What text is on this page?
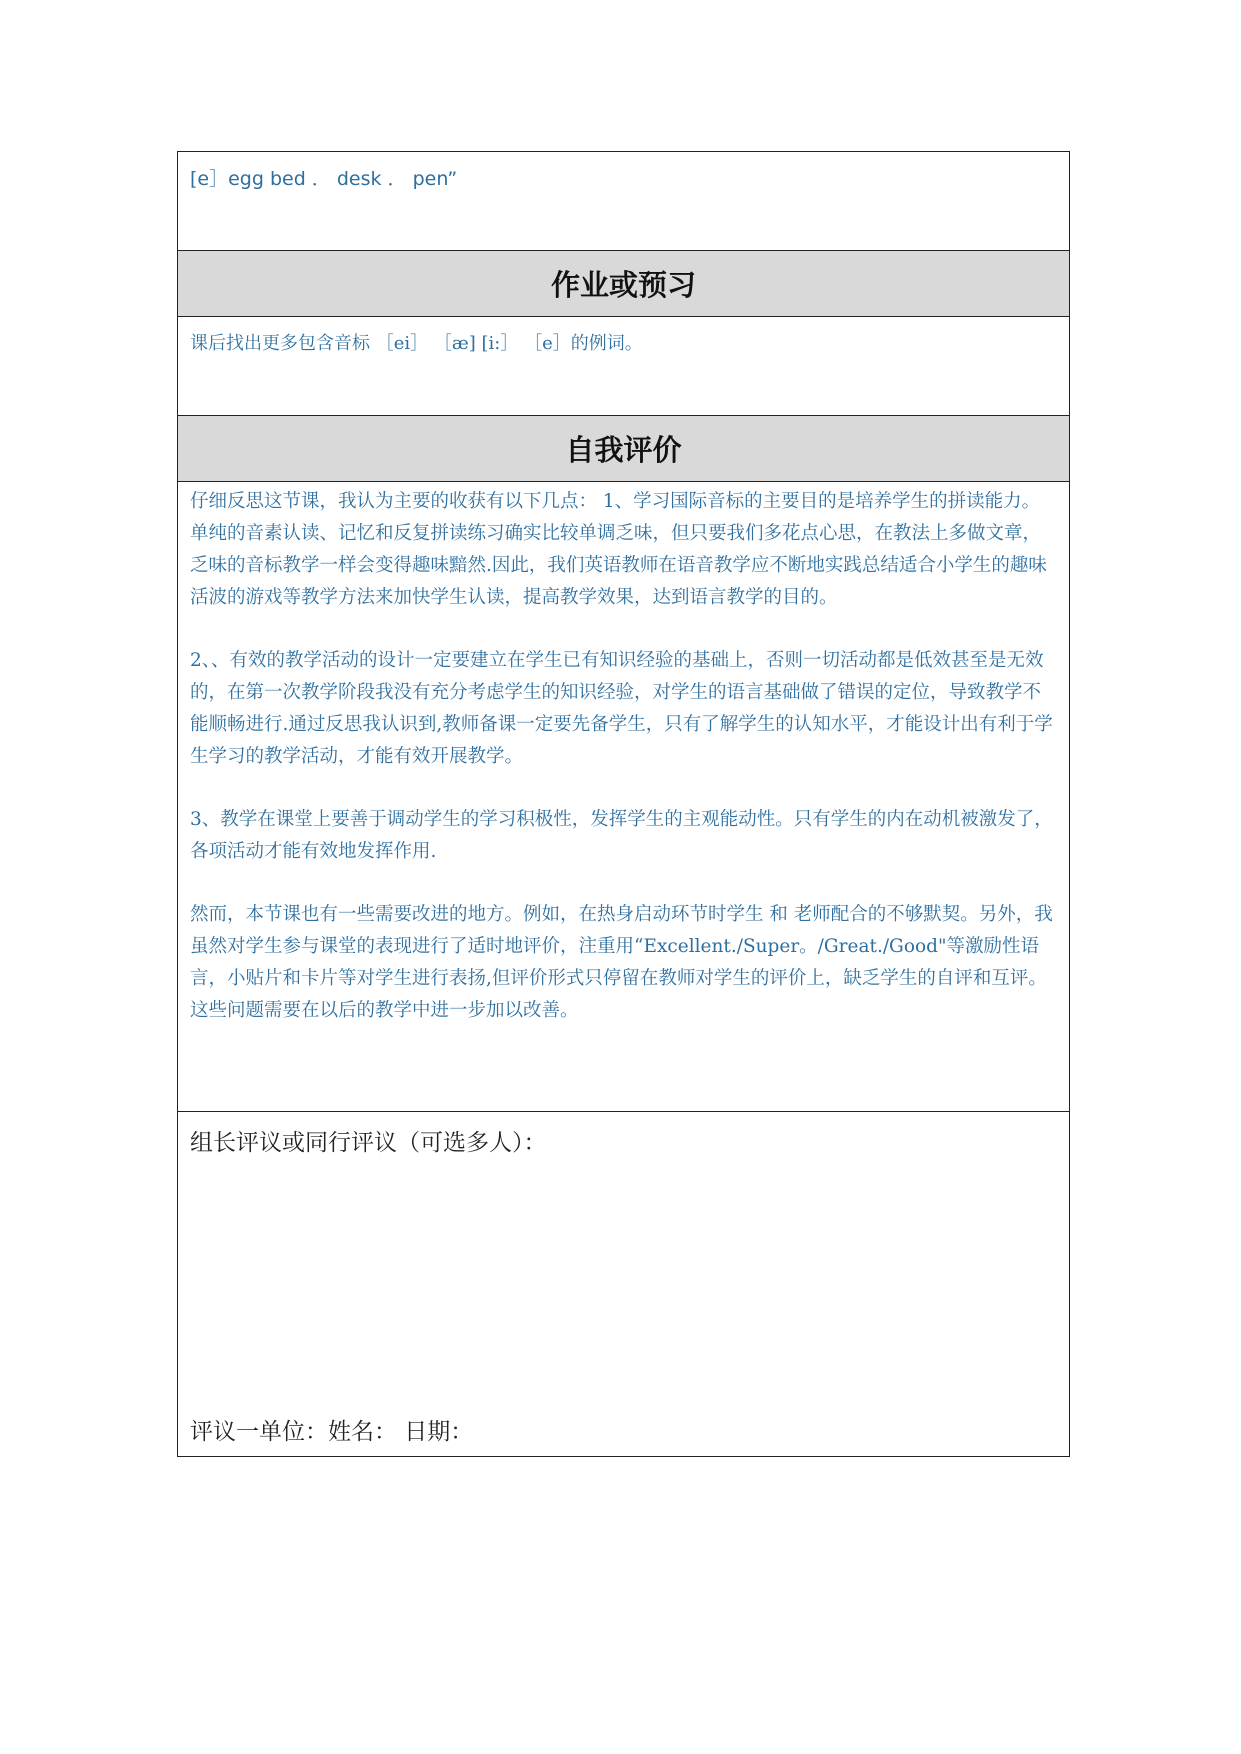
[e］egg bed ． desk ． pen”
作业或预习
课后找出更多包含音标 ［ei］ ［æ] [i:］ ［e］的例词。
自我评价

仔细反思这节课，我认为主要的收获有以下几点： 1、学习国际音标的主要目的是培养学生的拼读能力。单纯的音素认读、记忆和反复拼读练习确实比较单调乏味，但只要我们多花点心思，在教法上多做文章，乏味的音标教学一样会变得趣味黯然.因此，我们英语教师在语音教学应不断地实践总结适合小学生的趣味活波的游戏等教学方法来加快学生认读，提高教学效果，达到语言教学的目的。

2、、有效的教学活动的设计一定要建立在学生已有知识经验的基础上，否则一切活动都是低效甚至是无效的，在第一次教学阶段我没有充分考虑学生的知识经验，对学生的语言基础做了错误的定位，导致教学不能顺畅进行.通过反思我认识到,教师备课一定要先备学生，只有了解学生的认知水平，才能设计出有利于学生学习的教学活动，才能有效开展教学。

3、教学在课堂上要善于调动学生的学习积极性，发挥学生的主观能动性。只有学生的内在动机被激发了，各项活动才能有效地发挥作用.

然而，本节课也有一些需要改进的地方。例如，在热身启动环节时学生 和 老师配合的不够默契。另外，我虽然对学生参与课堂的表现进行了适时地评价，注重用“Excellent./Super。/Great./Good"等激励性语言，小贴片和卡片等对学生进行表扬,但评价形式只停留在教师对学生的评价上，缺乏学生的自评和互评。这些问题需要在以后的教学中进一步加以改善。

组长评议或同行评议（可选多人）：
评议一单位：姓名： 日期：
